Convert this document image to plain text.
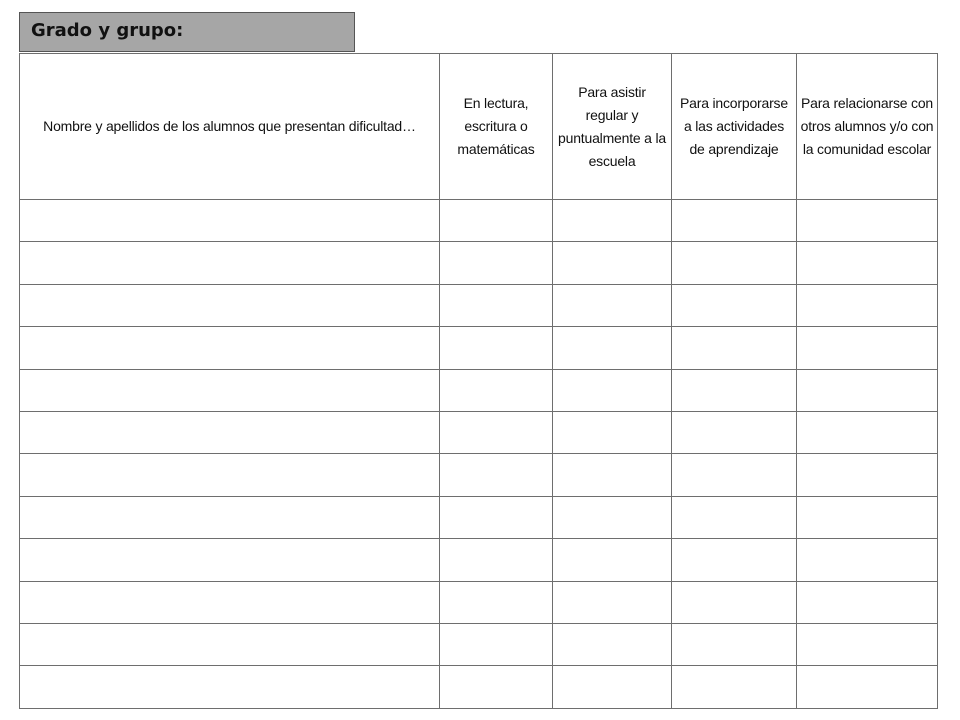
Grado y grupo:
Nombre y apellidos de los alumnos que presentan dificultad…	En lectura, escritura o matemáticas	Para asistir regular y puntualmente a la escuela	Para incorporarse a las actividades de aprendizaje	Para relacionarse con otros alumnos y/o con la comunidad escolar
